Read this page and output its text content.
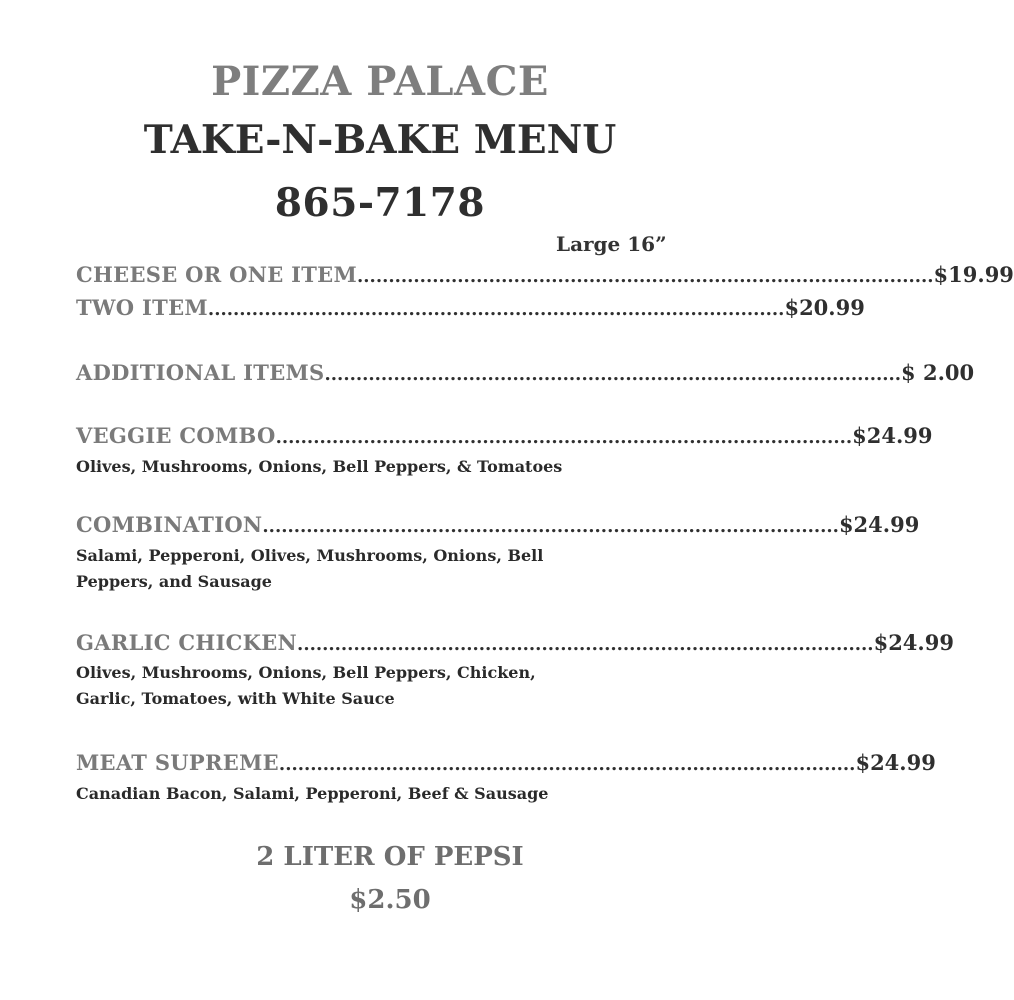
PIZZA PALACE
TAKE-N-BAKE MENU
865-7178
Large 16”
CHEESE OR ONE ITEM ............................................................................................ $19.99
TWO ITEM ............................................................................................ $20.99
ADDITIONAL ITEMS ............................................................................................ $ 2.00
VEGGIE COMBO ............................................................................................ $24.99
Olives, Mushrooms, Onions, Bell Peppers, & Tomatoes
COMBINATION ............................................................................................ $24.99
Salami, Pepperoni, Olives, Mushrooms, Onions, Bell
Peppers, and Sausage
GARLIC CHICKEN ............................................................................................ $24.99
Olives, Mushrooms, Onions, Bell Peppers, Chicken,
Garlic, Tomatoes, with White Sauce
MEAT SUPREME ............................................................................................ $24.99
Canadian Bacon, Salami, Pepperoni, Beef & Sausage
2 LITER OF PEPSI
$2.50
